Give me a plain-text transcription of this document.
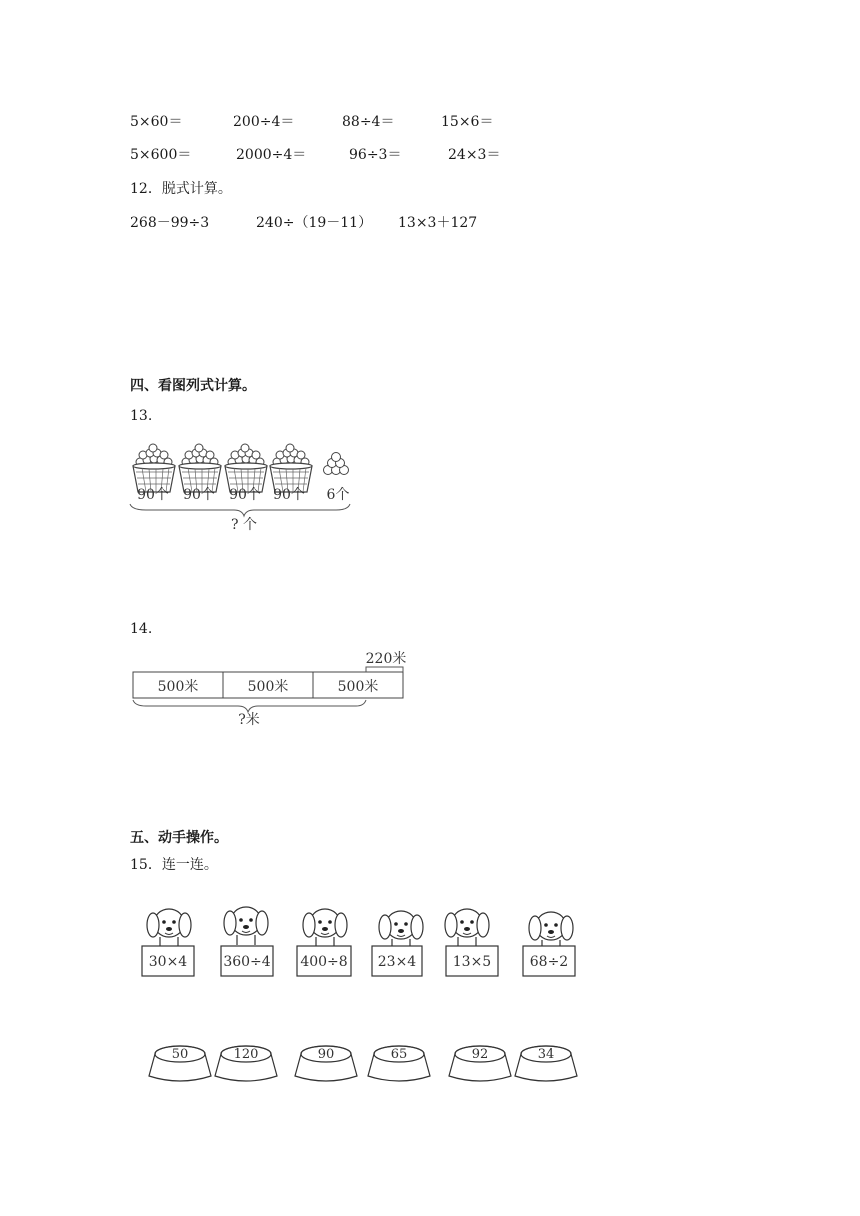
5×60＝	200÷4＝	88÷4＝	15×6＝
5×600＝	2000÷4＝	96÷3＝	24×3＝
12．脱式计算。
268－99÷3	240÷（19－11） 13×3＋127
四、看图列式计算。
13.
90个 90个 90个 90个 6个
? 个
14.
500米	500米	500米
220米
?米
五、动手操作。
15．连一连。
30×4	360÷4 400÷8 23×4	13×5	68÷2
50	120	90	65	92	34
